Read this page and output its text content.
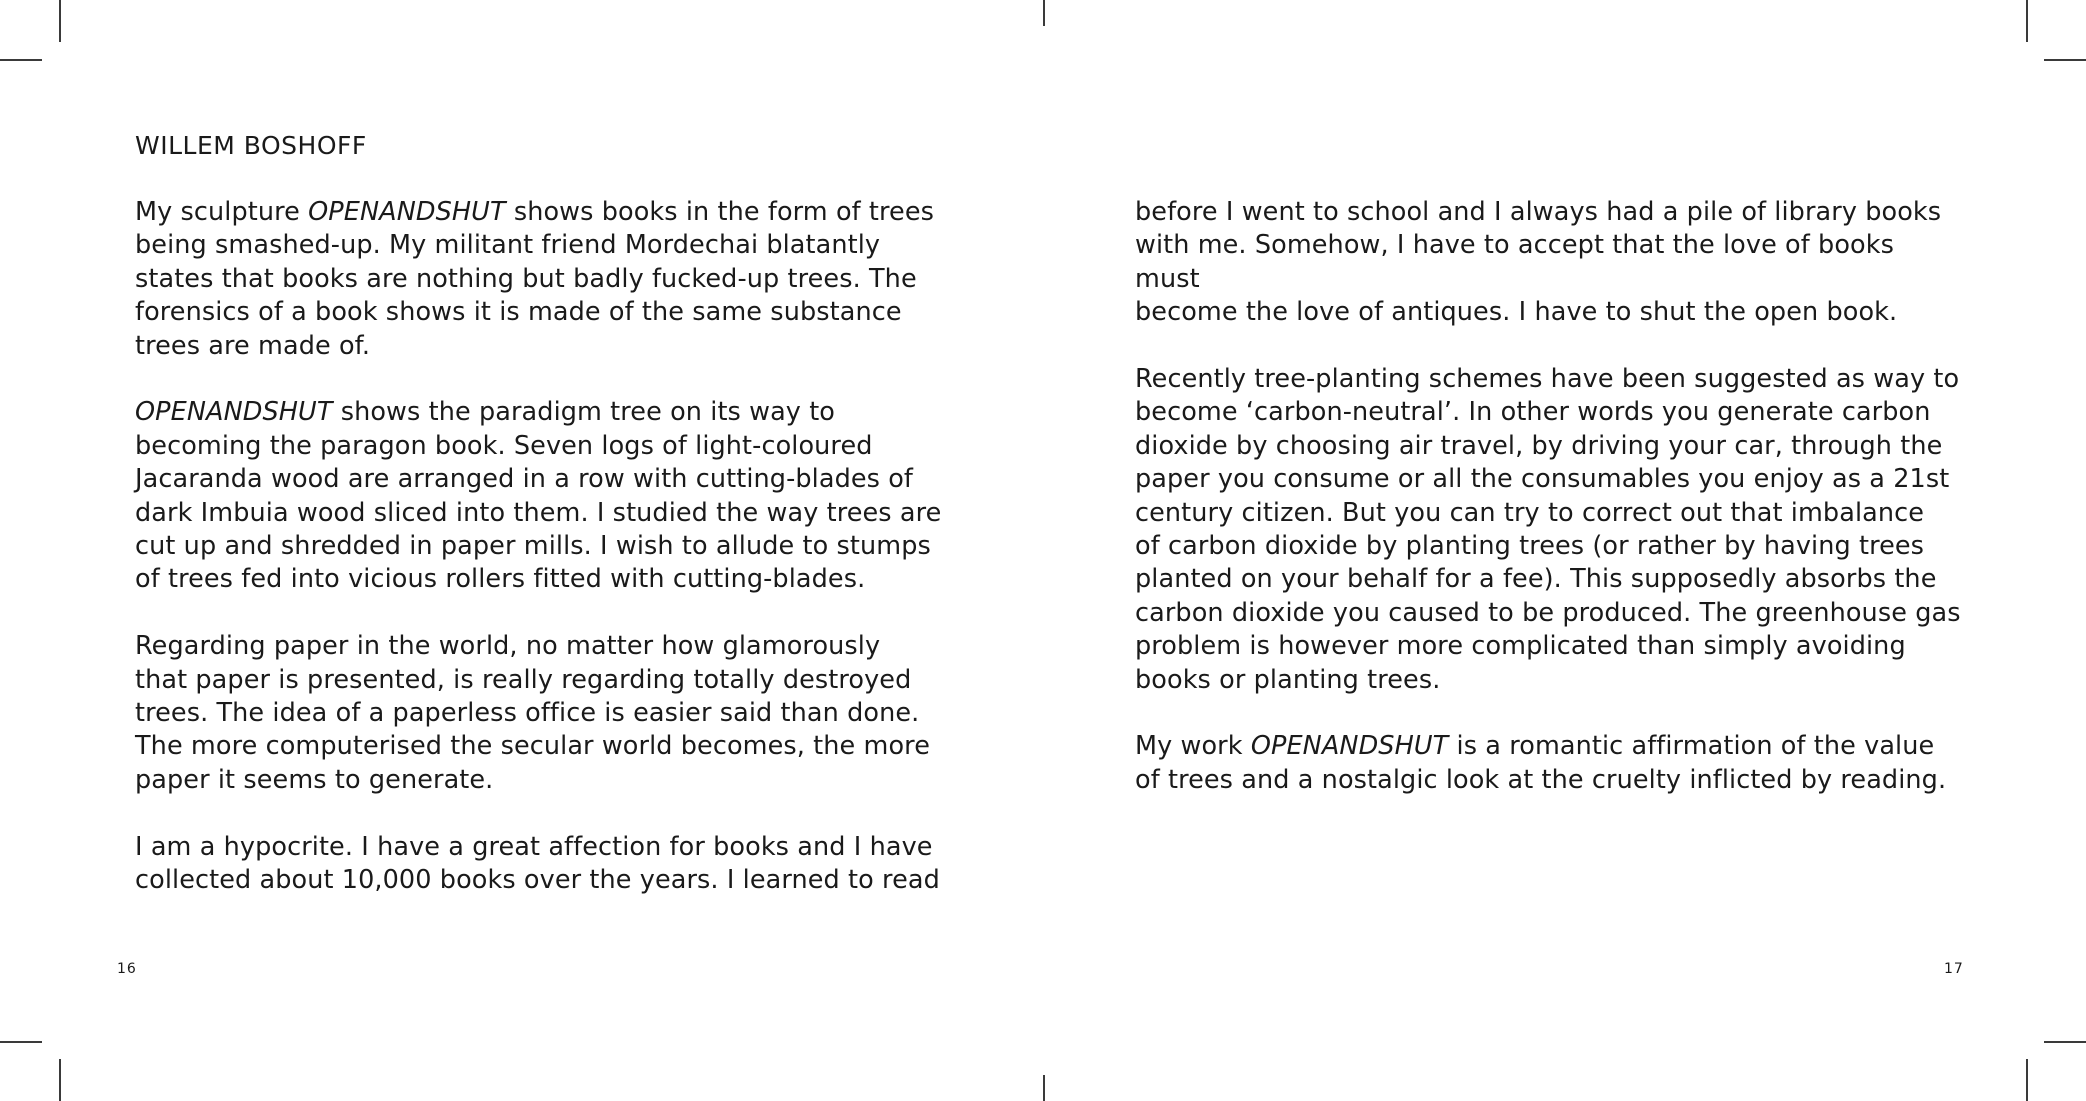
WILLEM BOSHOFF

My sculpture OPENANDSHUT shows books in the form of trees
being smashed-up. My militant friend Mordechai blatantly
states that books are nothing but badly fucked-up trees. The
forensics of a book shows it is made of the same substance
trees are made of.

OPENANDSHUT shows the paradigm tree on its way to
becoming the paragon book. Seven logs of light-coloured
Jacaranda wood are arranged in a row with cutting-blades of
dark Imbuia wood sliced into them. I studied the way trees are
cut up and shredded in paper mills. I wish to allude to stumps
of trees fed into vicious rollers fitted with cutting-blades.

Regarding paper in the world, no matter how glamorously
that paper is presented, is really regarding totally destroyed
trees. The idea of a paperless office is easier said than done.
The more computerised the secular world becomes, the more
paper it seems to generate.

I am a hypocrite. I have a great affection for books and I have
collected about 10,000 books over the years. I learned to read

16

before I went to school and I always had a pile of library books
with me. Somehow, I have to accept that the love of books must
become the love of antiques. I have to shut the open book.

Recently tree-planting schemes have been suggested as way to
become ‘carbon-neutral’. In other words you generate carbon
dioxide by choosing air travel, by driving your car, through the
paper you consume or all the consumables you enjoy as a 21st
century citizen. But you can try to correct out that imbalance
of carbon dioxide by planting trees (or rather by having trees
planted on your behalf for a fee). This supposedly absorbs the
carbon dioxide you caused to be produced. The greenhouse gas
problem is however more complicated than simply avoiding
books or planting trees.

My work OPENANDSHUT is a romantic affirmation of the value
of trees and a nostalgic look at the cruelty inflicted by reading.

17
